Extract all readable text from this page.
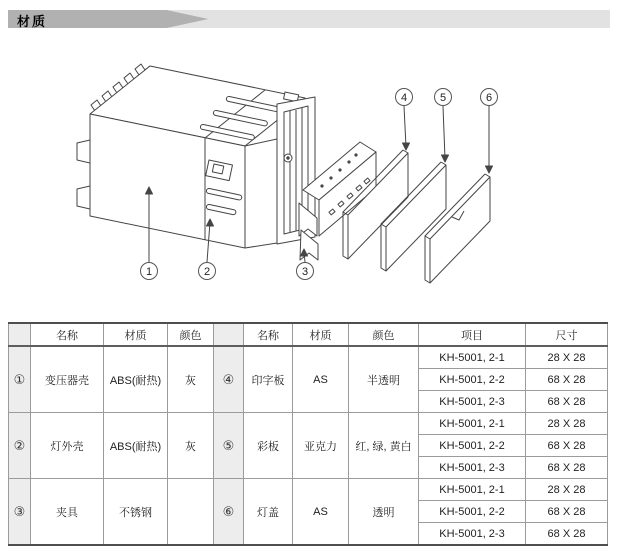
材质
1	2	3
4	5	6
	名称	材质	颜色		名称	材质	颜色	项目	尺寸
①	变压器壳	ABS(耐热)	灰	④	印字板	AS	半透明	KH-5001, 2-1	28 X 28
								KH-5001, 2-2	68 X 28
								KH-5001, 2-3	68 X 28
②	灯外壳	ABS(耐热)	灰	⑤	彩板	亚克力	红, 绿, 黄白	KH-5001, 2-1	28 X 28
								KH-5001, 2-2	68 X 28
								KH-5001, 2-3	68 X 28
③	夹具	不锈钢		⑥	灯盖	AS	透明	KH-5001, 2-1	28 X 28
								KH-5001, 2-2	68 X 28
								KH-5001, 2-3	68 X 28
